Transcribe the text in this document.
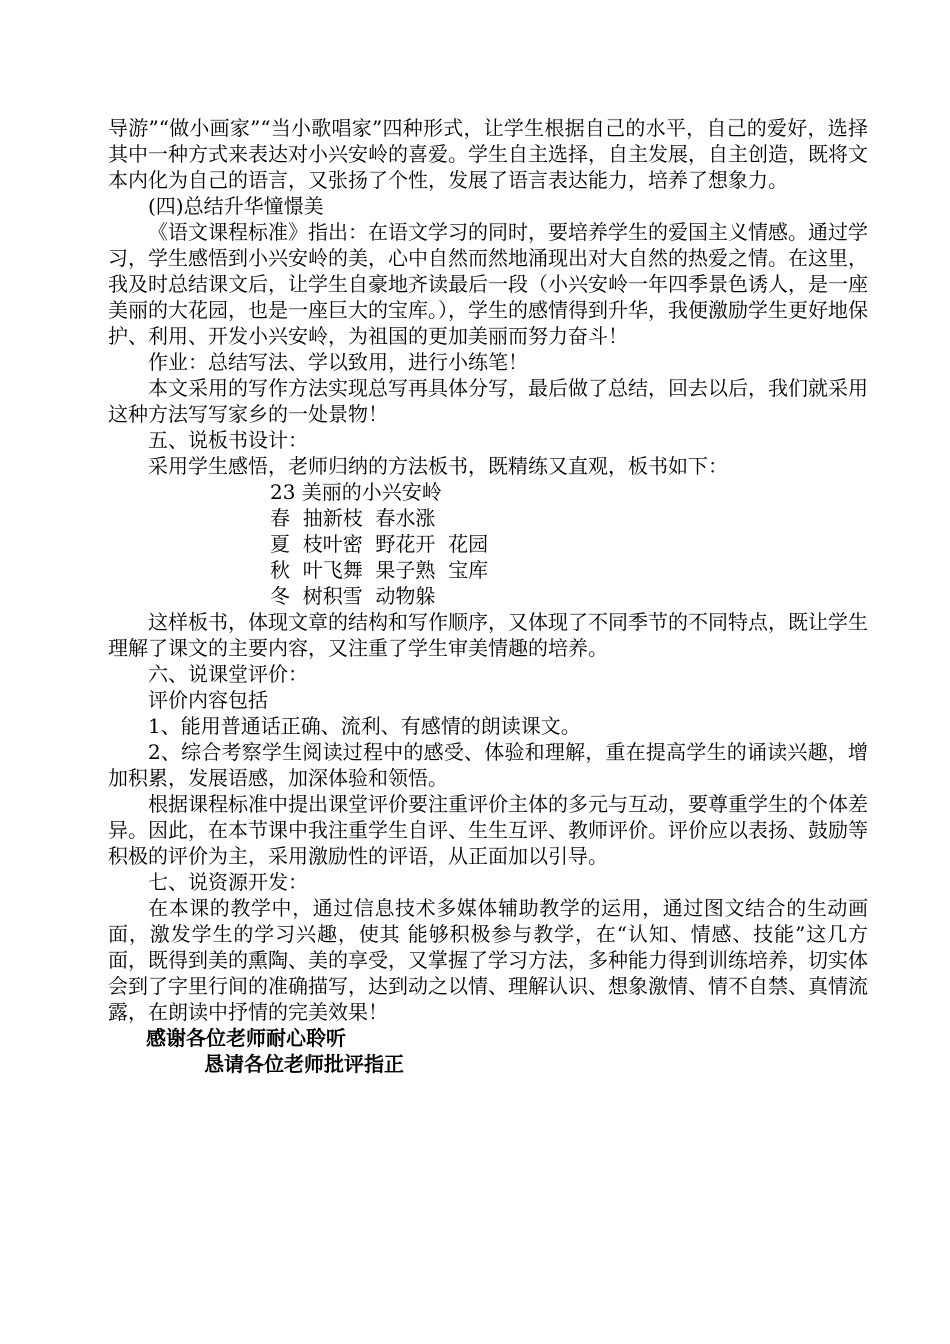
导游”“做小画家”“当小歌唱家”四种形式，让学生根据自己的水平，自己的爱好，选择其中一种方式来表达对小兴安岭的喜爱。学生自主选择，自主发展，自主创造，既将文本内化为自己的语言，又张扬了个性，发展了语言表达能力，培养了想象力。

(四)总结升华憧憬美

《语文课程标准》指出：在语文学习的同时，要培养学生的爱国主义情感。通过学习，学生感悟到小兴安岭的美，心中自然而然地涌现出对大自然的热爱之情。在这里，我及时总结课文后，让学生自豪地齐读最后一段（小兴安岭一年四季景色诱人，是一座美丽的大花园，也是一座巨大的宝库。），学生的感情得到升华，我便激励学生更好地保护、利用、开发小兴安岭，为祖国的更加美丽而努力奋斗！

作业：总结写法、学以致用，进行小练笔！

本文采用的写作方法实现总写再具体分写，最后做了总结，回去以后，我们就采用这种方法写写家乡的一处景物！

五、说板书设计：

采用学生感悟，老师归纳的方法板书，既精练又直观，板书如下：

23 美丽的小兴安岭
春  抽新枝  春水涨
夏  枝叶密  野花开  花园
秋  叶飞舞  果子熟  宝库
冬  树积雪  动物躲

这样板书，体现文章的结构和写作顺序，又体现了不同季节的不同特点，既让学生理解了课文的主要内容，又注重了学生审美情趣的培养。

六、说课堂评价：

评价内容包括

1、能用普通话正确、流利、有感情的朗读课文。

2、综合考察学生阅读过程中的感受、体验和理解，重在提高学生的诵读兴趣，增加积累，发展语感，加深体验和领悟。

根据课程标准中提出课堂评价要注重评价主体的多元与互动，要尊重学生的个体差异。因此，在本节课中我注重学生自评、生生互评、教师评价。评价应以表扬、鼓励等积极的评价为主，采用激励性的评语，从正面加以引导。

七、说资源开发：

在本课的教学中，通过信息技术多媒体辅助教学的运用，通过图文结合的生动画面，激发学生的学习兴趣，使其 能够积极参与教学，在“认知、情感、技能”这几方面，既得到美的熏陶、美的享受，又掌握了学习方法，多种能力得到训练培养，切实体会到了字里行间的准确描写，达到动之以情、理解认识、想象激情、情不自禁、真情流露，在朗读中抒情的完美效果！

感谢各位老师耐心聆听

恳请各位老师批评指正
